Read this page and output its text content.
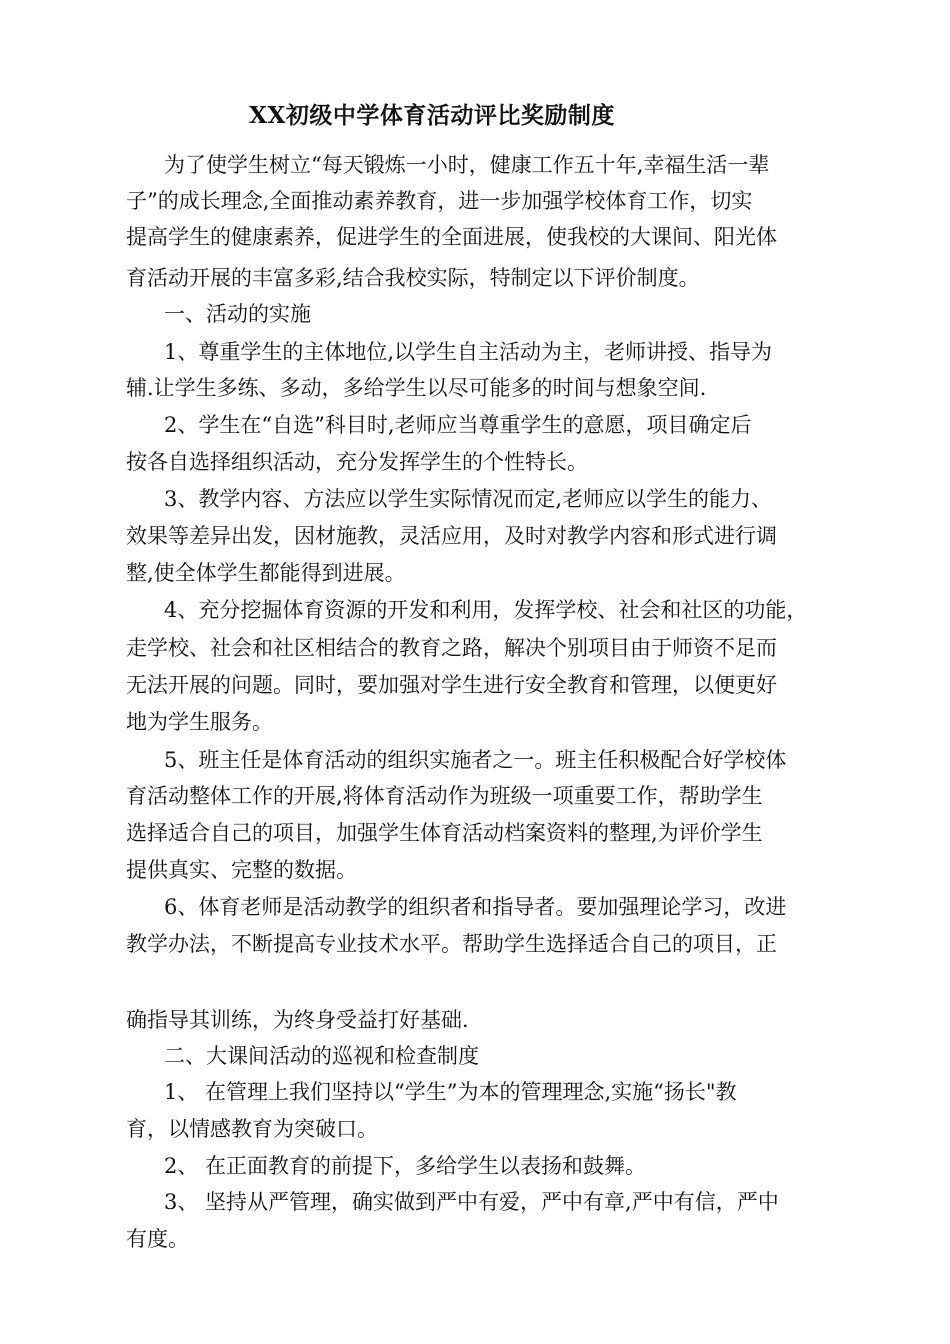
XX初级中学体育活动评比奖励制度
为了使学生树立“每天锻炼一小时，健康工作五十年,幸福生活一辈
子”的成长理念,全面推动素养教育，进一步加强学校体育工作，切实
提高学生的健康素养，促进学生的全面进展，使我校的大课间、阳光体
育活动开展的丰富多彩,结合我校实际，特制定以下评价制度。
一、活动的实施
1、尊重学生的主体地位,以学生自主活动为主，老师讲授、指导为
辅.让学生多练、多动，多给学生以尽可能多的时间与想象空间.
2、学生在“自选”科目时,老师应当尊重学生的意愿，项目确定后
按各自选择组织活动，充分发挥学生的个性特长。
3、教学内容、方法应以学生实际情况而定,老师应以学生的能力、
效果等差异出发，因材施教，灵活应用，及时对教学内容和形式进行调
整,使全体学生都能得到进展。
4、充分挖掘体育资源的开发和利用，发挥学校、社会和社区的功能，
走学校、社会和社区相结合的教育之路，解决个别项目由于师资不足而
无法开展的问题。同时，要加强对学生进行安全教育和管理，以便更好
地为学生服务。
5、班主任是体育活动的组织实施者之一。班主任积极配合好学校体
育活动整体工作的开展,将体育活动作为班级一项重要工作，帮助学生
选择适合自己的项目，加强学生体育活动档案资料的整理,为评价学生
提供真实、完整的数据。
6、体育老师是活动教学的组织者和指导者。要加强理论学习，改进
教学办法，不断提高专业技术水平。帮助学生选择适合自己的项目，正
确指导其训练，为终身受益打好基础.
二、大课间活动的巡视和检查制度
1、 在管理上我们坚持以“学生”为本的管理理念,实施“扬长"教
育，以情感教育为突破口。
2、 在正面教育的前提下，多给学生以表扬和鼓舞。
3、 坚持从严管理，确实做到严中有爱，严中有章,严中有信，严中
有度。
